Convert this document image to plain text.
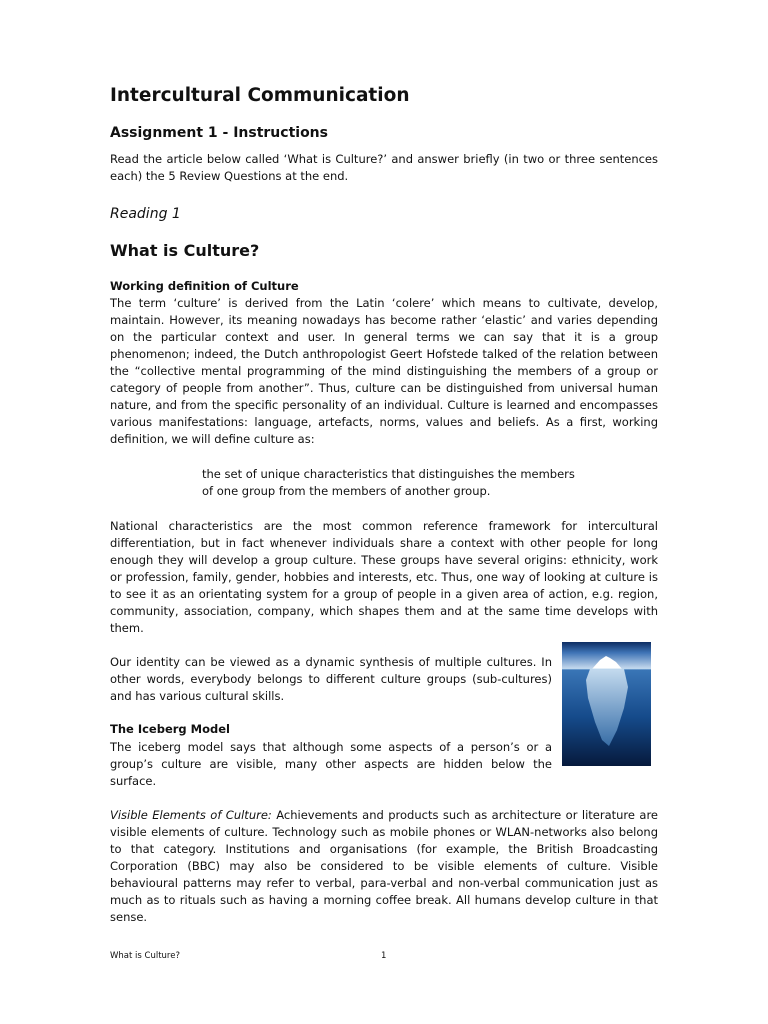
Intercultural Communication
Assignment 1 - Instructions

Read the article below called ‘What is Culture?’ and answer briefly (in two or three sentences each) the 5 Review Questions at the end.

Reading 1

What is Culture?
Working definition of Culture

The term ‘culture’ is derived from the Latin ‘colere’ which means to cultivate, develop, maintain. However, its meaning nowadays has become rather ‘elastic’ and varies depending on the particular context and user. In general terms we can say that it is a group phenomenon; indeed, the Dutch anthropologist Geert Hofstede talked of the relation between the “collective mental programming of the mind distinguishing the members of a group or category of people from another”. Thus, culture can be distinguished from universal human nature, and from the specific personality of an individual. Culture is learned and encompasses various manifestations: language, artefacts, norms, values and beliefs. As a first, working definition, we will define culture as:

the set of unique characteristics that distinguishes the members
of one group from the members of another group.

National characteristics are the most common reference framework for intercultural differentiation, but in fact whenever individuals share a context with other people for long enough they will develop a group culture. These groups have several origins: ethnicity, work or profession, family, gender, hobbies and interests, etc. Thus, one way of looking at culture is to see it as an orientating system for a group of people in a given area of action, e.g. region, community, association, company, which shapes them and at the same time develops with them.

Our identity can be viewed as a dynamic synthesis of multiple cultures. In other words, everybody belongs to different culture groups (sub-cultures) and has various cultural skills.

The Iceberg Model

The iceberg model says that although some aspects of a person’s or a group’s culture are visible, many other aspects are hidden below the surface.

Visible Elements of Culture: Achievements and products such as architecture or literature are visible elements of culture. Technology such as mobile phones or WLAN-networks also belong to that category. Institutions and organisations (for example, the British Broadcasting Corporation (BBC) may also be considered to be visible elements of culture. Visible behavioural patterns may refer to verbal, para-verbal and non-verbal communication just as much as to rituals such as having a morning coffee break. All humans develop culture in that sense.

What is Culture?	1
